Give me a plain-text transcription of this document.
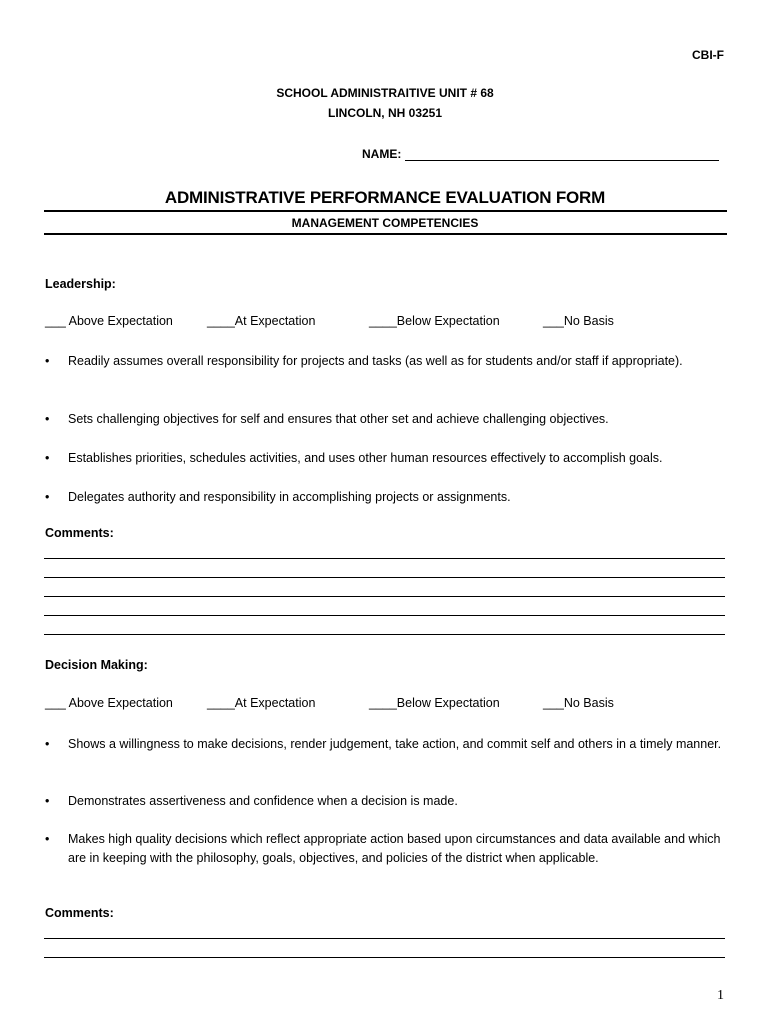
CBI-F
SCHOOL ADMINISTRAITIVE UNIT # 68
LINCOLN, NH 03251
NAME:
ADMINISTRATIVE PERFORMANCE EVALUATION FORM
MANAGEMENT COMPETENCIES
Leadership:
___ Above Expectation	____At Expectation	____Below Expectation	___No Basis
• Readily assumes overall responsibility for projects and tasks (as well as for students and/or staff if appropriate).
• Sets challenging objectives for self and ensures that other set and achieve challenging objectives.
• Establishes priorities, schedules activities, and uses other human resources effectively to accomplish goals.
• Delegates authority and responsibility in accomplishing projects or assignments.
Comments:
Decision Making:
___ Above Expectation	____At Expectation	____Below Expectation	___No Basis
• Shows a willingness to make decisions, render judgement, take action, and commit self and others in a timely manner.
• Demonstrates assertiveness and confidence when a decision is made.
• Makes high quality decisions which reflect appropriate action based upon circumstances and data available and which are in keeping with the philosophy, goals, objectives, and policies of the district when applicable.
Comments:
1
